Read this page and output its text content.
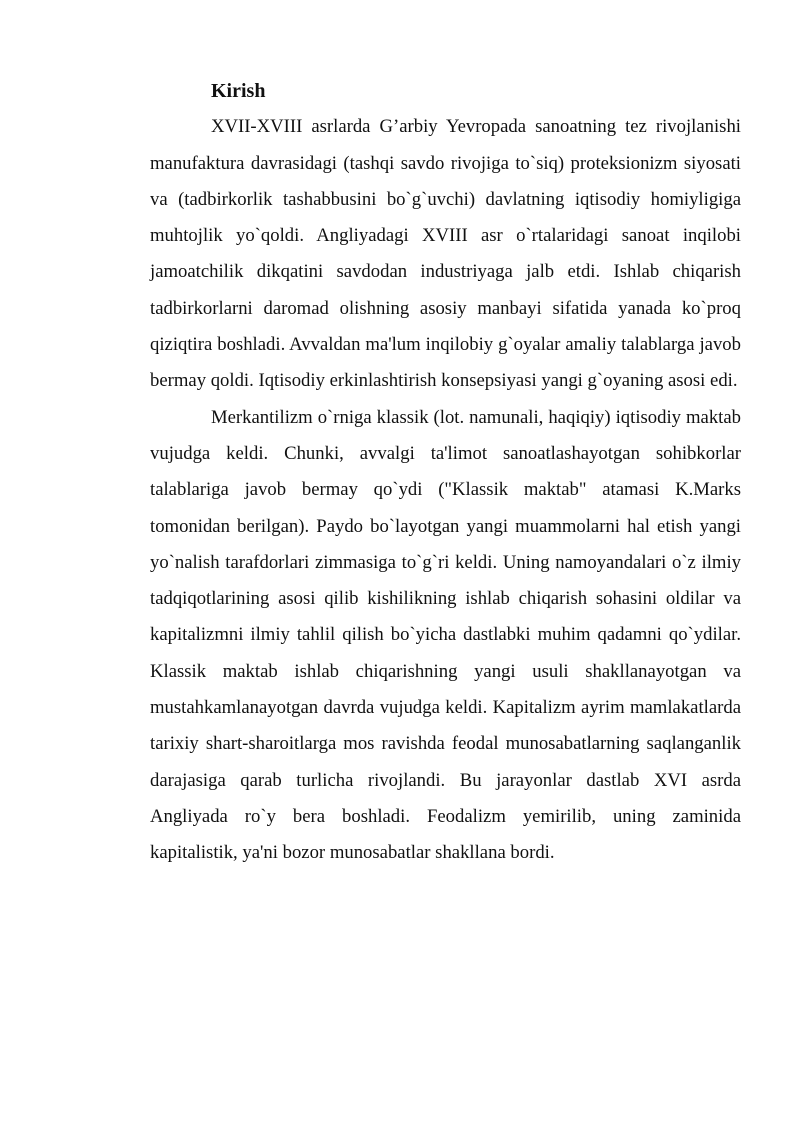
Kirish

XVII-XVIII asrlarda G’arbiy Yevropada sanoatning tez rivojlanishi manufaktura davrasidagi (tashqi savdo rivojiga to`siq) proteksionizm siyosati va (tadbirkorlik tashabbusini bo`g`uvchi) davlatning iqtisodiy homiyligiga muhtojlik yo`qoldi. Angliyadagi XVIII asr o`rtalaridagi sanoat inqilobi jamoatchilik dikqatini savdodan industriyaga jalb etdi. Ishlab chiqarish tadbirkorlarni daromad olishning asosiy manbayi sifatida yanada ko`proq qiziqtira boshladi. Avvaldan ma'lum inqilobiy g`oyalar amaliy talablarga javob bermay qoldi. Iqtisodiy erkinlashtirish konsepsiyasi yangi g`oyaning asosi edi.

Merkantilizm o`rniga klassik (lot. namunali, haqiqiy) iqtisodiy maktab vujudga keldi. Chunki, avvalgi ta'limot sanoatlashayotgan sohibkorlar talablariga javob bermay qo`ydi ("Klassik maktab" atamasi K.Marks tomonidan berilgan). Paydo bo`layotgan yangi muammolarni hal etish yangi yo`nalish tarafdorlari zimmasiga to`g`ri keldi. Uning namoyandalari o`z ilmiy tadqiqotlarining asosi qilib kishilikning ishlab chiqarish sohasini oldilar va kapitalizmni ilmiy tahlil qilish bo`yicha dastlabki muhim qadamni qo`ydilar. Klassik maktab ishlab chiqarishning yangi usuli shakllanayotgan va mustahkamlanayotgan davrda vujudga keldi. Kapitalizm ayrim mamlakatlarda tarixiy shart-sharoitlarga mos ravishda feodal munosabatlarning saqlanganlik darajasiga qarab turlicha rivojlandi. Bu jarayonlar dastlab XVI asrda Angliyada ro`y bera boshladi. Feodalizm yemirilib, uning zaminida kapitalistik, ya'ni bozor munosabatlar shakllana bordi.
